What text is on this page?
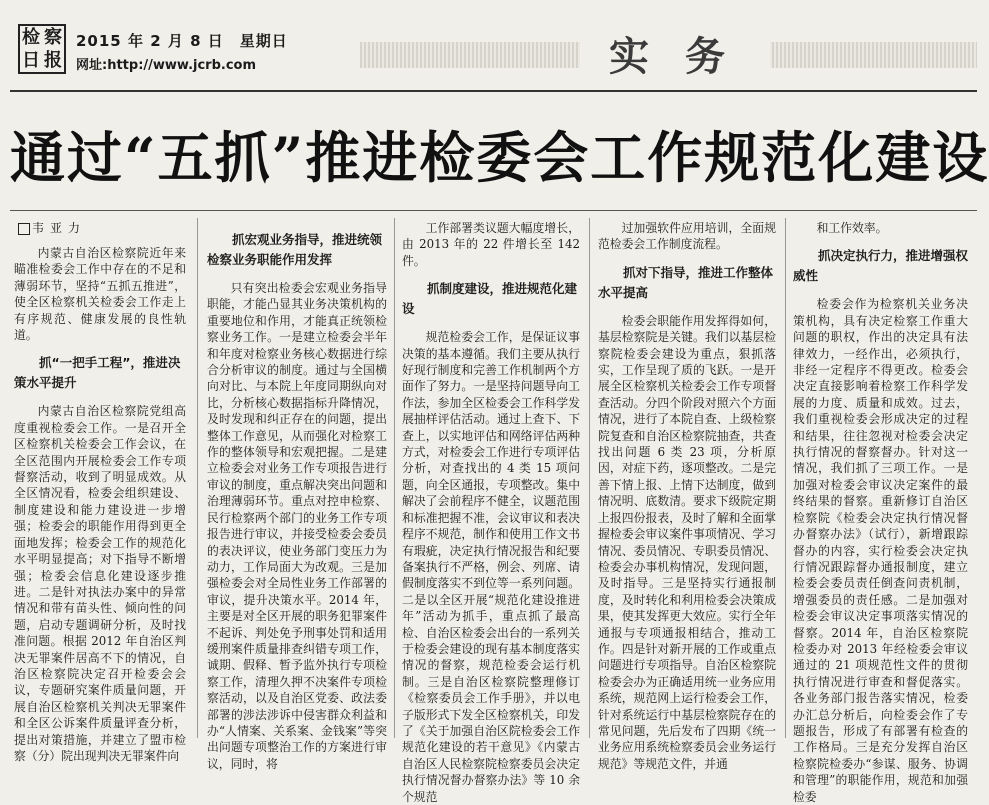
检 察
日 报
2015 年 2 月 8 日　星期日
网址:http://www.jcrb.com	实务
通过“五抓”推进检委会工作规范化建设
韦亚力

内蒙古自治区检察院近年来瞄准检委会工作中存在的不足和薄弱环节，坚持“五抓五推进”，使全区检察机关检委会工作走上有序规范、健康发展的良性轨道。

抓“一把手工程”，推进决策水平提升

内蒙古自治区检察院党组高度重视检委会工作。一是召开全区检察机关检委会工作会议，在全区范围内开展检委会工作专项督察活动，收到了明显成效。从全区情况看，检委会组织建设、制度建设和能力建设进一步增强；检委会的职能作用得到更全面地发挥；检委会工作的规范化水平明显提高；对下指导不断增强；检委会信息化建设逐步推进。二是针对执法办案中的异常情况和带有苗头性、倾向性的问题，启动专题调研分析，及时找准问题。根据 2012 年自治区判决无罪案件居高不下的情况，自治区检察院决定召开检委会会议，专题研究案件质量问题，开展自治区检察机关判决无罪案件和全区公诉案件质量评查分析，提出对策措施，并建立了盟市检察（分）院出现判决无罪案件向

抓宏观业务指导，推进统领检察业务职能作用发挥

只有突出检委会宏观业务指导职能，才能凸显其业务决策机构的重要地位和作用，才能真正统领检察业务工作。一是建立检委会半年和年度对检察业务核心数据进行综合分析审议的制度。通过与全国横向对比、与本院上年度同期纵向对比，分析核心数据指标升降情况，及时发现和纠正存在的问题，提出整体工作意见，从而强化对检察工作的整体领导和宏观把握。二是建立检委会对业务工作专项报告进行审议的制度，重点解决突出问题和治理薄弱环节。重点对控申检察、民行检察两个部门的业务工作专项报告进行审议，并接受检委会委员的表决评议，使业务部门变压力为动力，工作局面大为改观。三是加强检委会对全局性业务工作部署的审议，提升决策水平。2014 年，主要是对全区开展的职务犯罪案件不起诉、判处免予刑事处罚和适用缓刑案件质量排查纠错专项工作，诚期、假释、暂予监外执行专项检察工作，清理久押不决案件专项检察活动，以及自治区党委、政法委部署的涉法涉诉中侵害群众利益和办“人情案、关系案、金钱案”等突出问题专项整治工作的方案进行审议，同时，将

工作部署类议题大幅度增长，由 2013 年的 22 件增长至 142 件。

抓制度建设，推进规范化建设

规范检委会工作，是保证议事决策的基本遵循。我们主要从执行好现行制度和完善工作机制两个方面作了努力。一是坚持问题导向工作法，参加全区检委会工作科学发展抽样评估活动。通过上查下、下查上，以实地评估和网络评估两种方式，对检委会工作进行专项评估分析，对查找出的 4 类 15 项问题，向全区通报，专项整改。集中解决了会前程序不健全，议题范围和标准把握不准，会议审议和表决程序不规范，制作和使用工作文书有瑕疵，决定执行情况报告和纪要备案执行不严格，例会、列席、请假制度落实不到位等一系列问题。二是以全区开展“规范化建设推进年”活动为抓手，重点抓了最高检、自治区检委会出台的一系列关于检委会建设的现有基本制度落实情况的督察，规范检委会运行机制。三是自治区检察院整理修订《检察委员会工作手册》，并以电子版形式下发全区检察机关，印发了《关于加强自治区院检委会工作规范化建设的若干意见》《内蒙古自治区人民检察院检察委员会决定执行情况督办督察办法》等 10 余个规范

过加强软件应用培训，全面规范检委会工作制度流程。

抓对下指导，推进工作整体水平提高

检委会职能作用发挥得如何，基层检察院是关键。我们以基层检察院检委会建设为重点，狠抓落实，工作呈现了质的飞跃。一是开展全区检察机关检委会工作专项督查活动。分四个阶段对照六个方面情况，进行了本院自查、上级检察院复查和自治区检察院抽查，共查找出问题 6 类 23 项，分析原因，对症下药，逐项整改。二是完善下情上报、上情下达制度，做到情况明、底数清。要求下级院定期上报四份报表，及时了解和全面掌握检委会审议案件事项情况、学习情况、委员情况、专职委员情况、检委会办事机构情况，发现问题，及时指导。三是坚持实行通报制度，及时转化和利用检委会决策成果，使其发挥更大效应。实行全年通报与专项通报相结合，推动工作。四是针对新开展的工作或重点问题进行专项指导。自治区检察院检委会办为正确适用统一业务应用系统，规范网上运行检委会工作，针对系统运行中基层检察院存在的常见问题，先后发布了四期《统一业务应用系统检察委员会业务运行规范》等规范文件，并通

和工作效率。

抓决定执行力，推进增强权威性

检委会作为检察机关业务决策机构，具有决定检察工作重大问题的职权，作出的决定具有法律效力，一经作出，必须执行，非经一定程序不得更改。检委会决定直接影响着检察工作科学发展的力度、质量和成效。过去，我们重视检委会形成决定的过程和结果，往往忽视对检委会决定执行情况的督察督办。针对这一情况，我们抓了三项工作。一是加强对检委会审议决定案件的最终结果的督察。重新修订自治区检察院《检委会决定执行情况督办督察办法》（试行），新增跟踪督办的内容，实行检委会决定执行情况跟踪督办通报制度，建立检委会委员责任倒查问责机制，增强委员的责任感。二是加强对检委会审议决定事项落实情况的督察。2014 年，自治区检察院检委办对 2013 年经检委会审议通过的 21 项规范性文件的贯彻执行情况进行审查和督促落实。各业务部门报告落实情况，检委办汇总分析后，向检委会作了专题报告，形成了有部署有检查的工作格局。三是充分发挥自治区检察院检委办“参谋、服务、协调和管理”的职能作用，规范和加强检委
